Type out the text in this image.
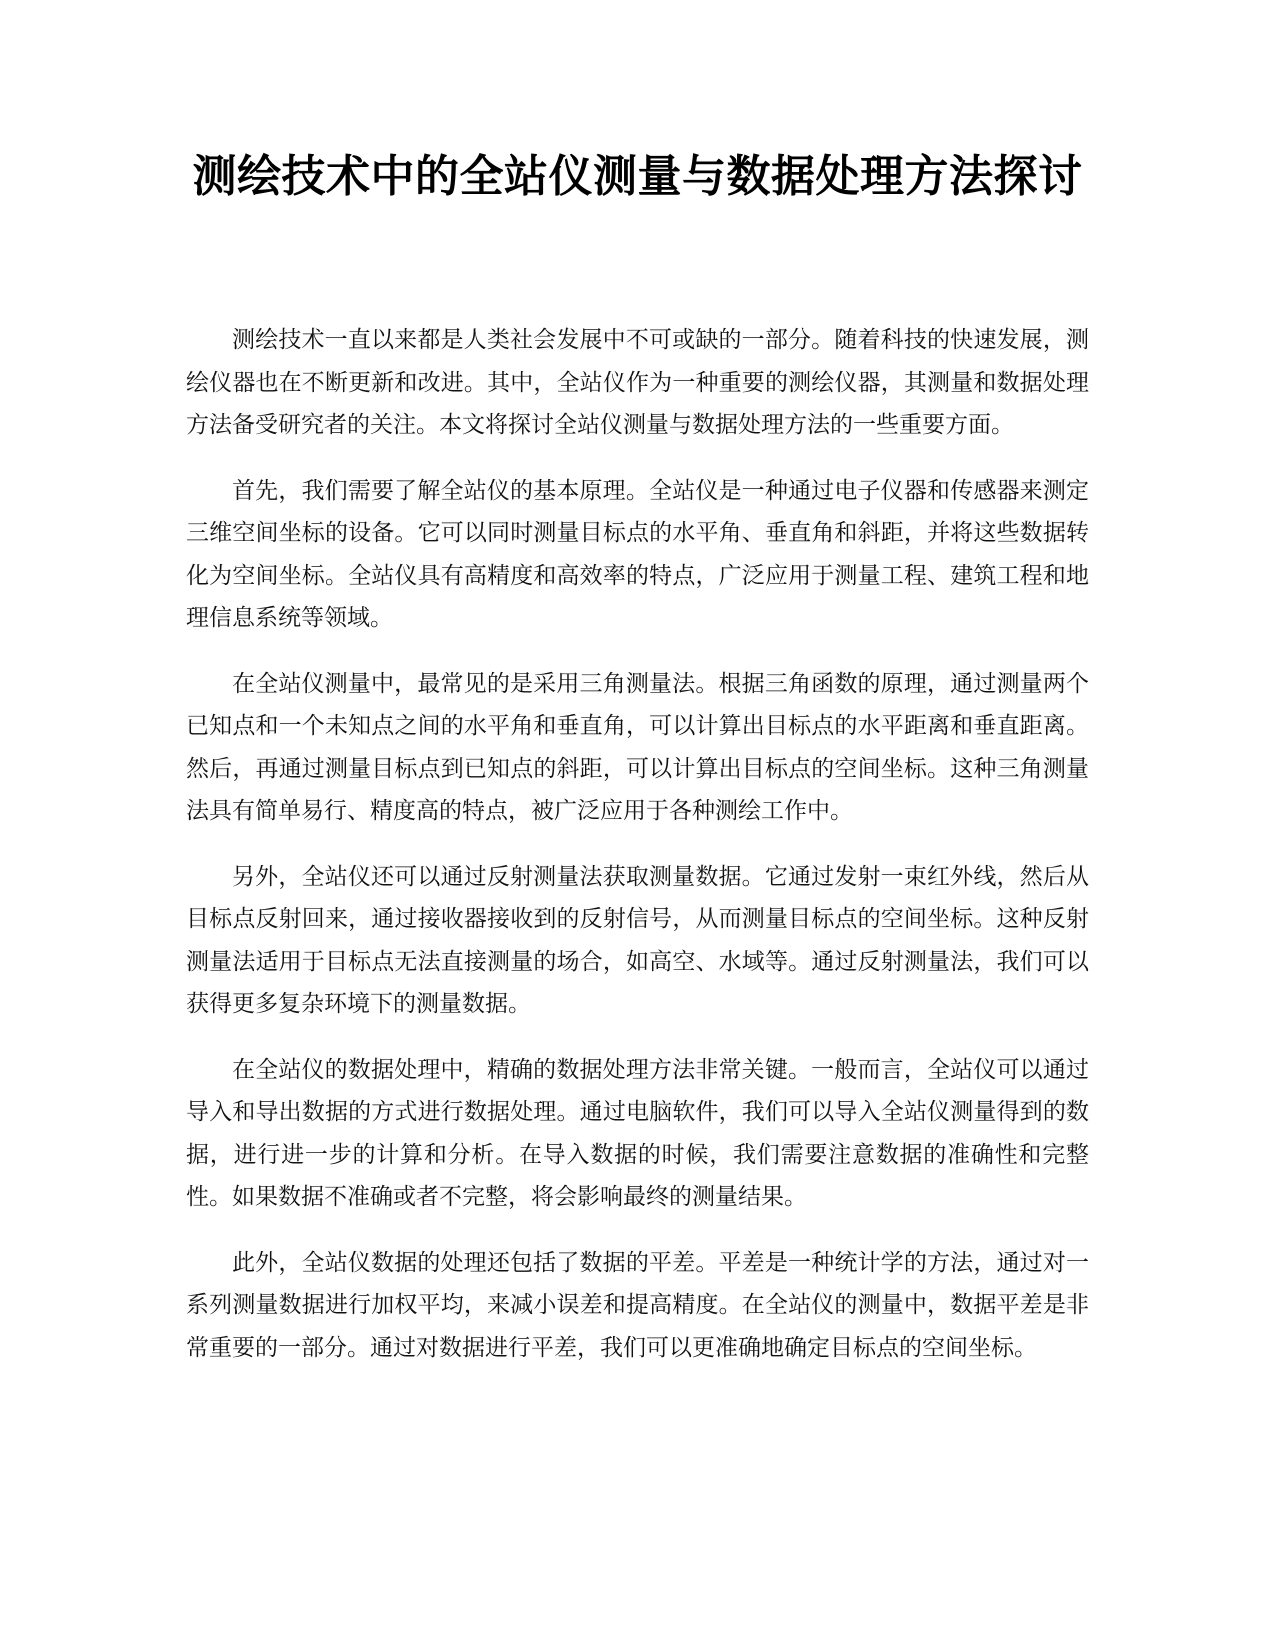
测绘技术中的全站仪测量与数据处理方法探讨

测绘技术一直以来都是人类社会发展中不可或缺的一部分。随着科技的快速发展，测绘仪器也在不断更新和改进。其中，全站仪作为一种重要的测绘仪器，其测量和数据处理方法备受研究者的关注。本文将探讨全站仪测量与数据处理方法的一些重要方面。

首先，我们需要了解全站仪的基本原理。全站仪是一种通过电子仪器和传感器来测定三维空间坐标的设备。它可以同时测量目标点的水平角、垂直角和斜距，并将这些数据转化为空间坐标。全站仪具有高精度和高效率的特点，广泛应用于测量工程、建筑工程和地理信息系统等领域。

在全站仪测量中，最常见的是采用三角测量法。根据三角函数的原理，通过测量两个已知点和一个未知点之间的水平角和垂直角，可以计算出目标点的水平距离和垂直距离。然后，再通过测量目标点到已知点的斜距，可以计算出目标点的空间坐标。这种三角测量法具有简单易行、精度高的特点，被广泛应用于各种测绘工作中。

另外，全站仪还可以通过反射测量法获取测量数据。它通过发射一束红外线，然后从目标点反射回来，通过接收器接收到的反射信号，从而测量目标点的空间坐标。这种反射测量法适用于目标点无法直接测量的场合，如高空、水域等。通过反射测量法，我们可以获得更多复杂环境下的测量数据。

在全站仪的数据处理中，精确的数据处理方法非常关键。一般而言，全站仪可以通过导入和导出数据的方式进行数据处理。通过电脑软件，我们可以导入全站仪测量得到的数据，进行进一步的计算和分析。在导入数据的时候，我们需要注意数据的准确性和完整性。如果数据不准确或者不完整，将会影响最终的测量结果。

此外，全站仪数据的处理还包括了数据的平差。平差是一种统计学的方法，通过对一系列测量数据进行加权平均，来减小误差和提高精度。在全站仪的测量中，数据平差是非常重要的一部分。通过对数据进行平差，我们可以更准确地确定目标点的空间坐标。
